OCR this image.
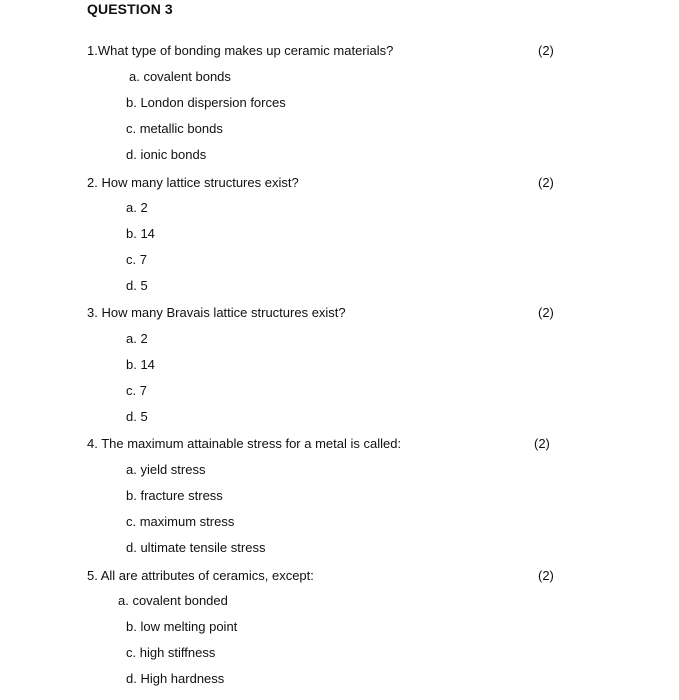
QUESTION 3
1.What type of bonding makes up ceramic materials?	(2)
a. covalent bonds
b. London dispersion forces
c. metallic bonds
d. ionic bonds
2. How many lattice structures exist?	(2)
a. 2
b. 14
c. 7
d. 5
3. How many Bravais lattice structures exist?	(2)
a. 2
b. 14
c. 7
d. 5
4. The maximum attainable stress for a metal is called:	(2)
a. yield stress
b. fracture stress
c. maximum stress
d. ultimate tensile stress
5. All are attributes of ceramics, except:	(2)
a. covalent bonded
b. low melting point
c. high stiffness
d. High hardness
